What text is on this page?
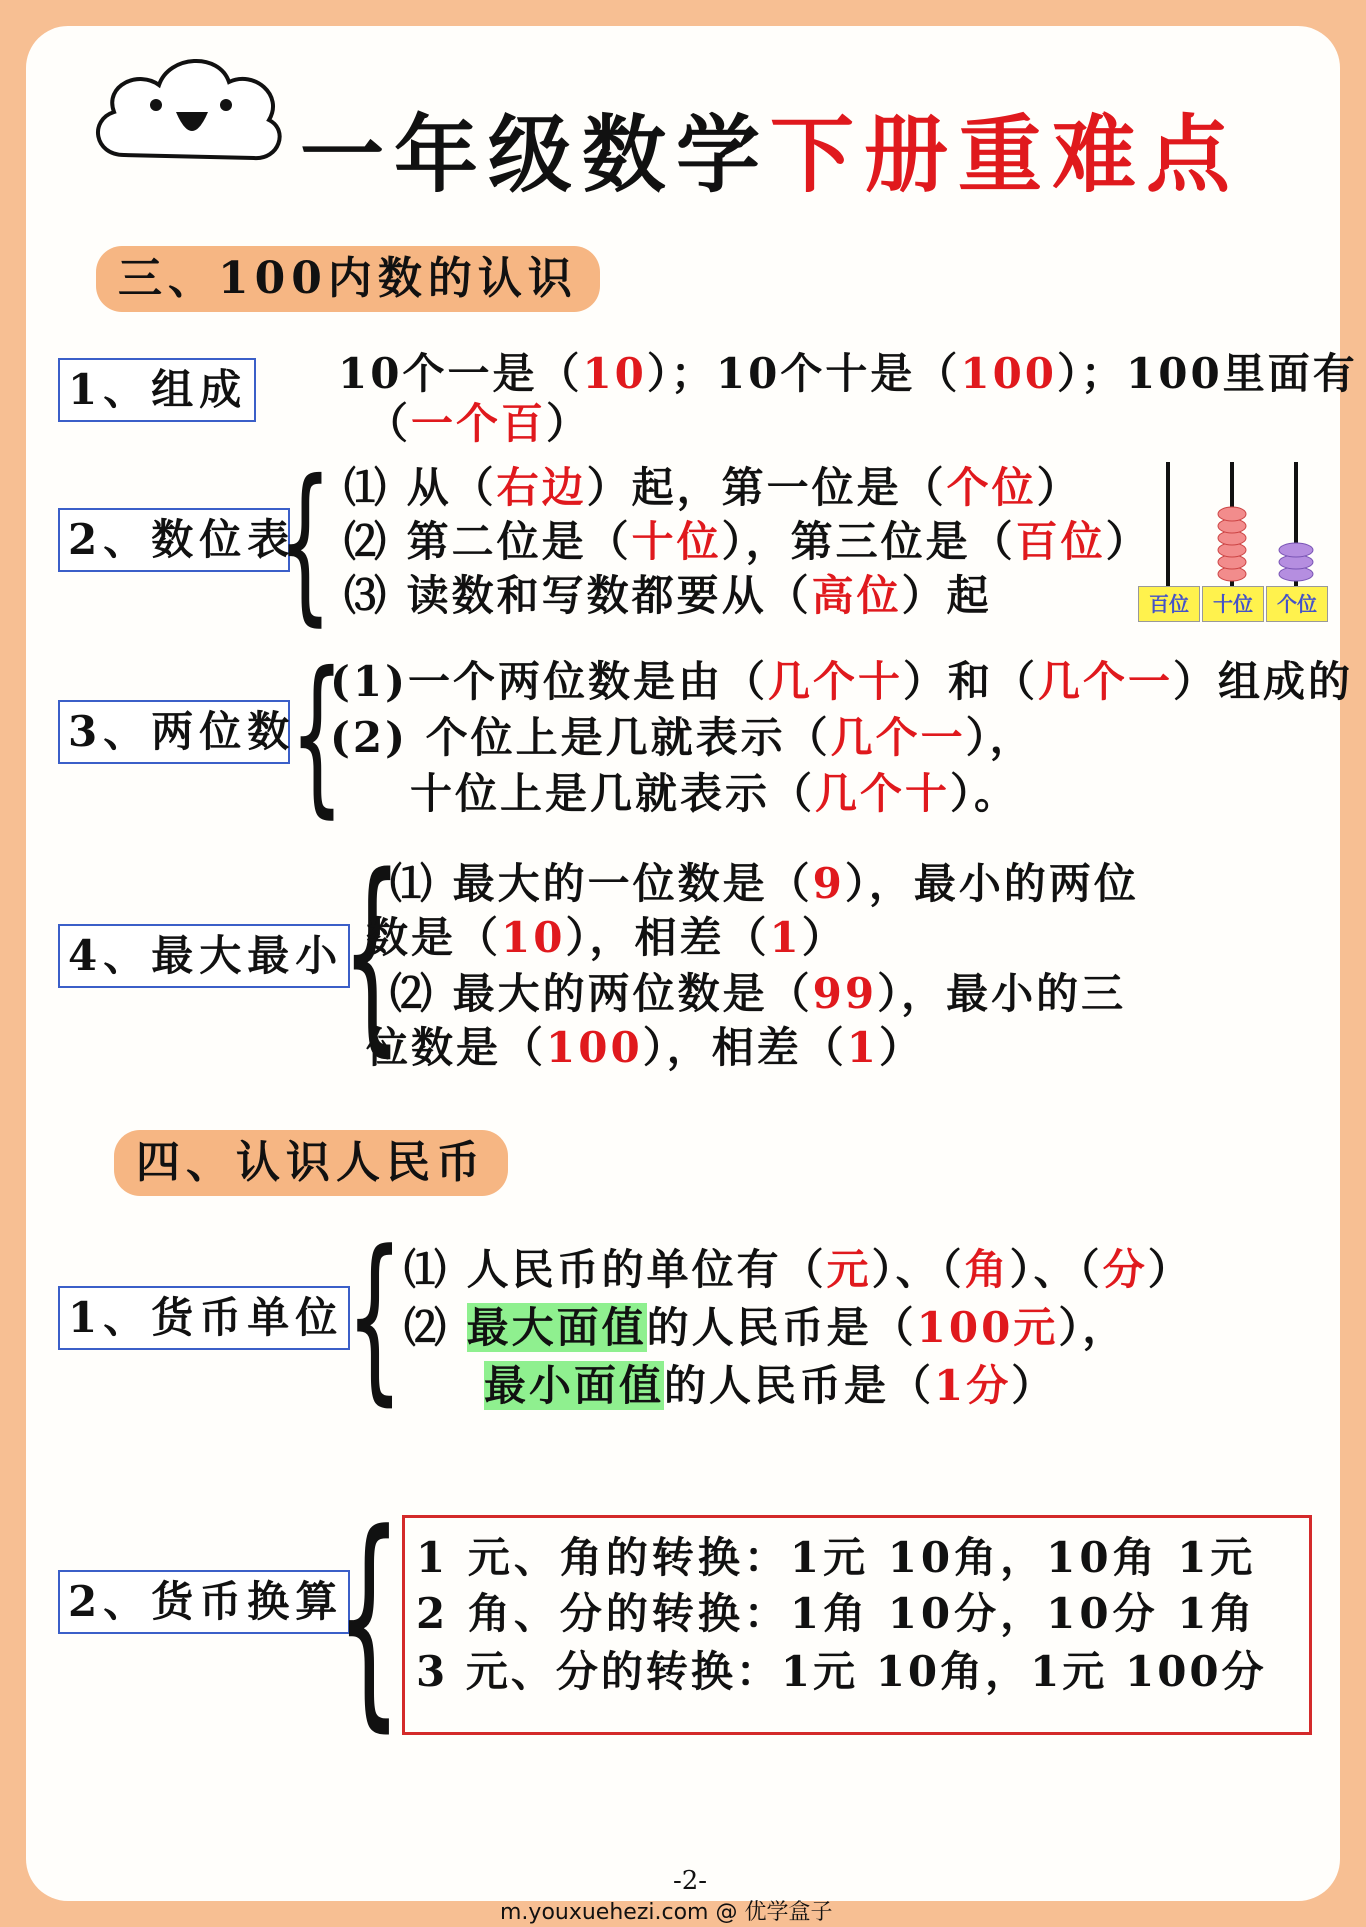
一年级数学下册重难点
三、100内数的认识
1、组成 10个一是（10）；10个十是（100）；100里面有
（一个百）
2、数位表
{ ⑴ 从（右边）起，第一位是（个位）
⑵ 第二位是（十位），第三位是（百位）
⑶ 读数和写数都要从（高位）起	百位	十位	个位
3、两位数
{
(1)一个两位数是由（几个十）和（几个一）组成的
(2) 个位上是几就表示（几个一），
十位上是几就表示（几个十）。
4、最大最小
{
⑴ 最大的一位数是（9），最小的两位
数是（10），相差（1）
⑵ 最大的两位数是（99），最小的三
位数是（100），相差（1）
四、认识人民币
1、货币单位 { ⑴ 人民币的单位有（元）、（角）、（分）
⑵ 最大面值的人民币是（100元），
最小面值的人民币是（1分）
2、货币换算
{ 1 元、角的转换：1元 10角，10角 1元
2 角、分的转换：1角 10分，10分 1角
3 元、分的转换：1元 10角，1元 100分
-2-
m.youxuehezi.com @ 优学盒子
